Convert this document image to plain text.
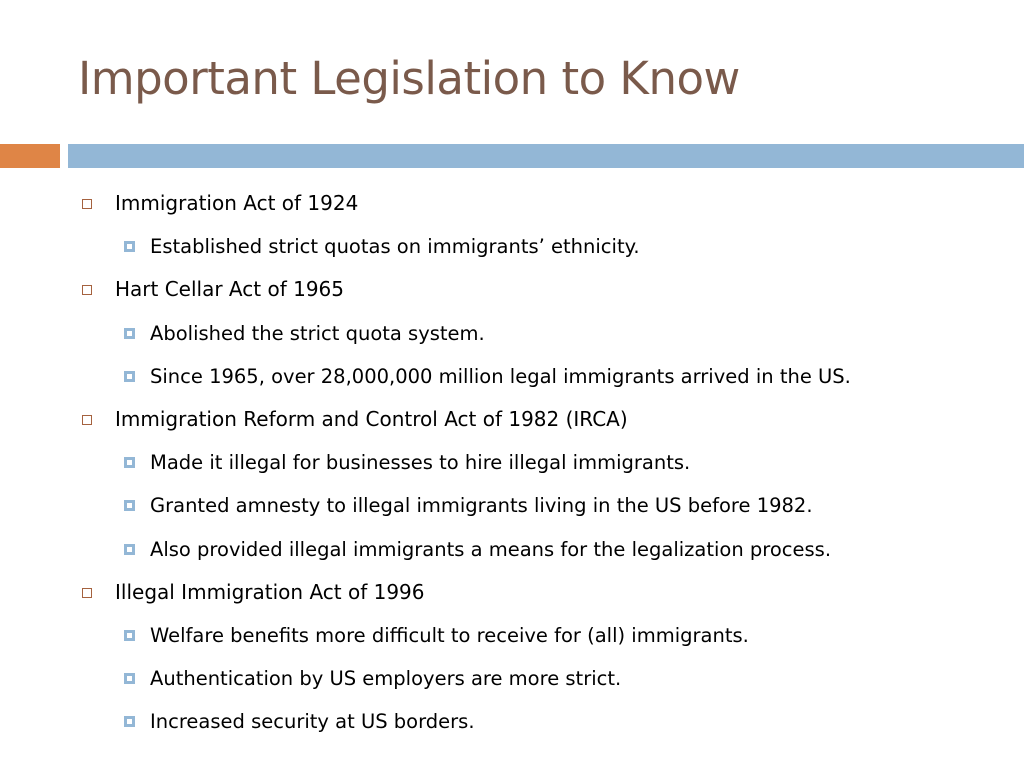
Important Legislation to Know
Immigration Act of 1924
Established strict quotas on immigrants’ ethnicity.
Hart Cellar Act of 1965
Abolished the strict quota system.
Since 1965, over 28,000,000 million legal immigrants arrived in the US.
Immigration Reform and Control Act of 1982 (IRCA)
Made it illegal for businesses to hire illegal immigrants.
Granted amnesty to illegal immigrants living in the US before 1982.
Also provided illegal immigrants a means for the legalization process.
Illegal Immigration Act of 1996
Welfare benefits more difficult to receive for (all) immigrants.
Authentication by US employers are more strict.
Increased security at US borders.
